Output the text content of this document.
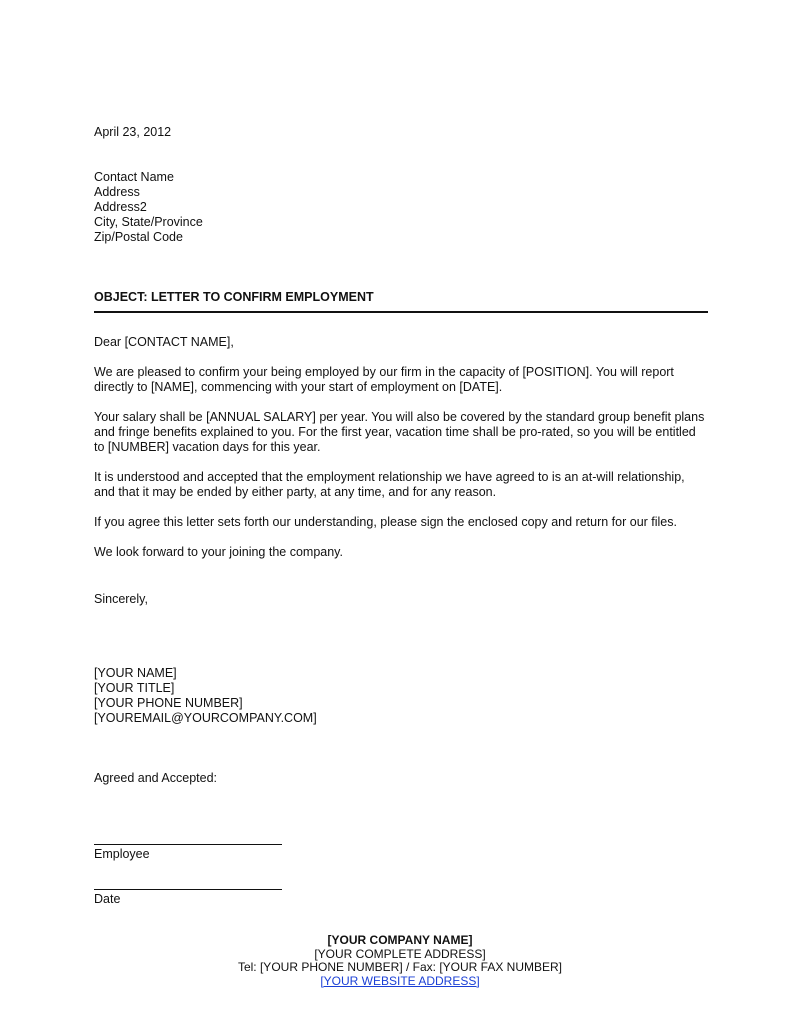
April 23, 2012
Contact Name
Address
Address2
City, State/Province
Zip/Postal Code
OBJECT: LETTER TO CONFIRM EMPLOYMENT
Dear [CONTACT NAME],
We are pleased to confirm your being employed by our firm in the capacity of [POSITION]. You will report directly to [NAME], commencing with your start of employment on [DATE].
Your salary shall be [ANNUAL SALARY] per year. You will also be covered by the standard group benefit plans and fringe benefits explained to you. For the first year, vacation time shall be pro-rated, so you will be entitled to [NUMBER] vacation days for this year.
It is understood and accepted that the employment relationship we have agreed to is an at-will relationship, and that it may be ended by either party, at any time, and for any reason.
If you agree this letter sets forth our understanding, please sign the enclosed copy and return for our files.
We look forward to your joining the company.
Sincerely,
[YOUR NAME]
[YOUR TITLE]
[YOUR PHONE NUMBER]
[YOUREMAIL@YOURCOMPANY.COM]
Agreed and Accepted:
Employee
Date
[YOUR COMPANY NAME]
[YOUR COMPLETE ADDRESS]
Tel: [YOUR PHONE NUMBER] / Fax: [YOUR FAX NUMBER]
[YOUR WEBSITE ADDRESS]
